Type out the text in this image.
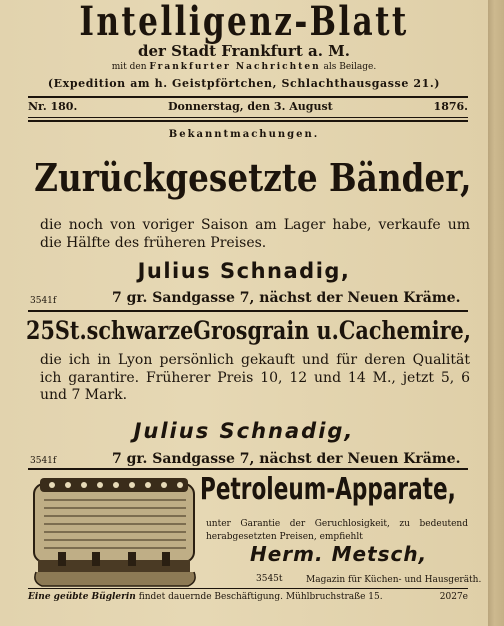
Intelligenz-Blatt
der Stadt Frankfurt a. M.
mit den Frankfurter Nachrichten als Beilage.
(Expedition am h. Geistpförtchen, Schlachthausgasse 21.)
Nr. 180.	Donnerstag, den 3. August	1876.
Bekanntmachungen.
Zurückgesetzte Bänder,
die noch von voriger Saison am Lager habe, verkaufe um die Hälfte des früheren Preises.
Julius Schnadig,
3541f	7 gr. Sandgasse 7, nächst der Neuen Kräme.
25St.schwarzeGrosgrain u.Cachemire,
die ich in Lyon persönlich gekauft und für deren Qualität ich garantire. Früherer Preis 10, 12 und 14 M., jetzt 5, 6 und 7 Mark.
Julius Schnadig,
3541f	7 gr. Sandgasse 7, nächst der Neuen Kräme.
Petroleum-Apparate,
unter Garantie der Geruchlosigkeit, zu bedeutend herabgesetzten Preisen, empfiehlt
Herm. Metsch,
3545t	Magazin für Küchen- und Hausgeräth.
Eine geübte Büglerin findet dauernde Beschäftigung. Mühlbruchstraße 15.	2027e
